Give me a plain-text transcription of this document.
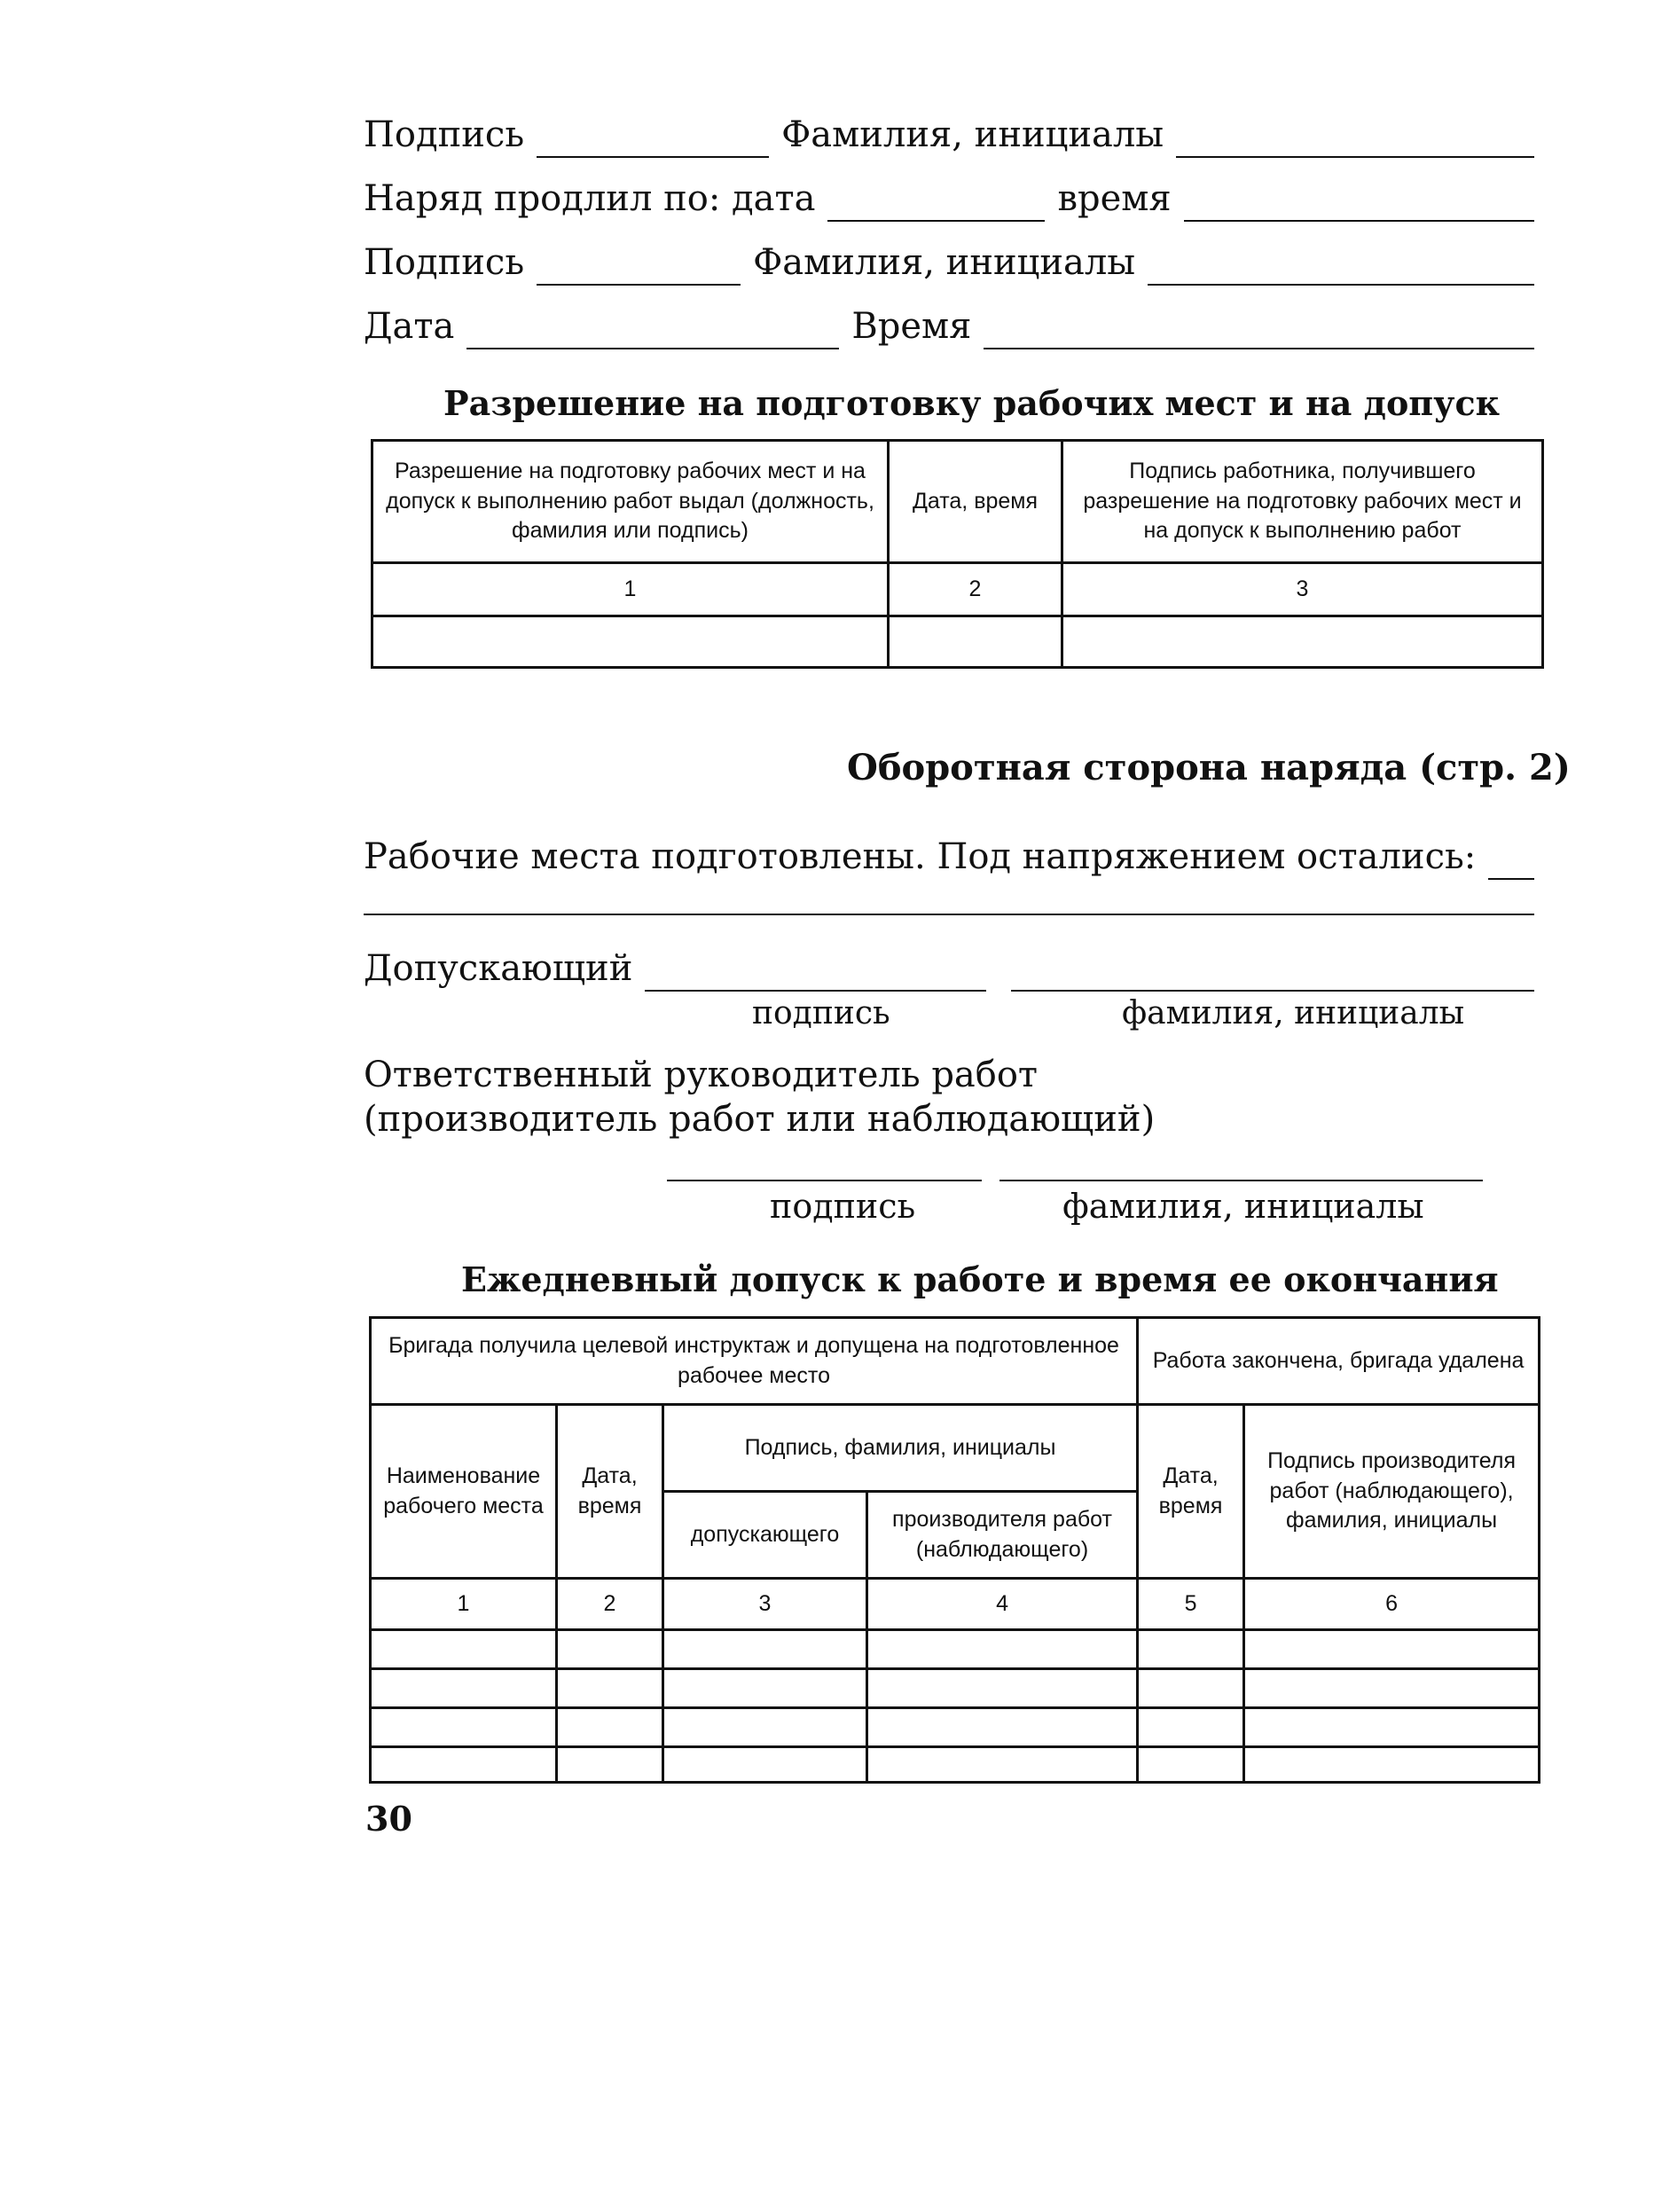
Подпись	Фамилия, инициалы
Наряд продлил по: дата	время
Подпись	Фамилия, инициалы
Дата	Время
Разрешение на подготовку рабочих мест и на допуск
Разрешение на подготовку рабочих мест и на допуск к выполнению работ выдал (должность, фамилия или подпись)	Дата, время	Подпись работника, получившего разрешение на подготовку рабочих мест и на допуск к выполнению работ
1	2	3

Оборотная сторона наряда (стр. 2)
Рабочие места подготовлены. Под напряжением остались:
Допускающий
подпись	фамилия, инициалы
Ответственный руководитель работ
(производитель работ или наблюдающий)
подпись	фамилия, инициалы
Ежедневный допуск к работе и время ее окончания
Бригада получила целевой инструктаж и допущена на подготовленное рабочее место				Работа закончена, бригада удалена	
Наименование рабочего места	Дата, время	Подпись, фамилия, инициалы		Дата, время	Подпись производителя работ (наблюдающего), фамилия, инициалы
		допускающего	производителя работ (наблюдающего)		
1	2	3	4	5	6

30
